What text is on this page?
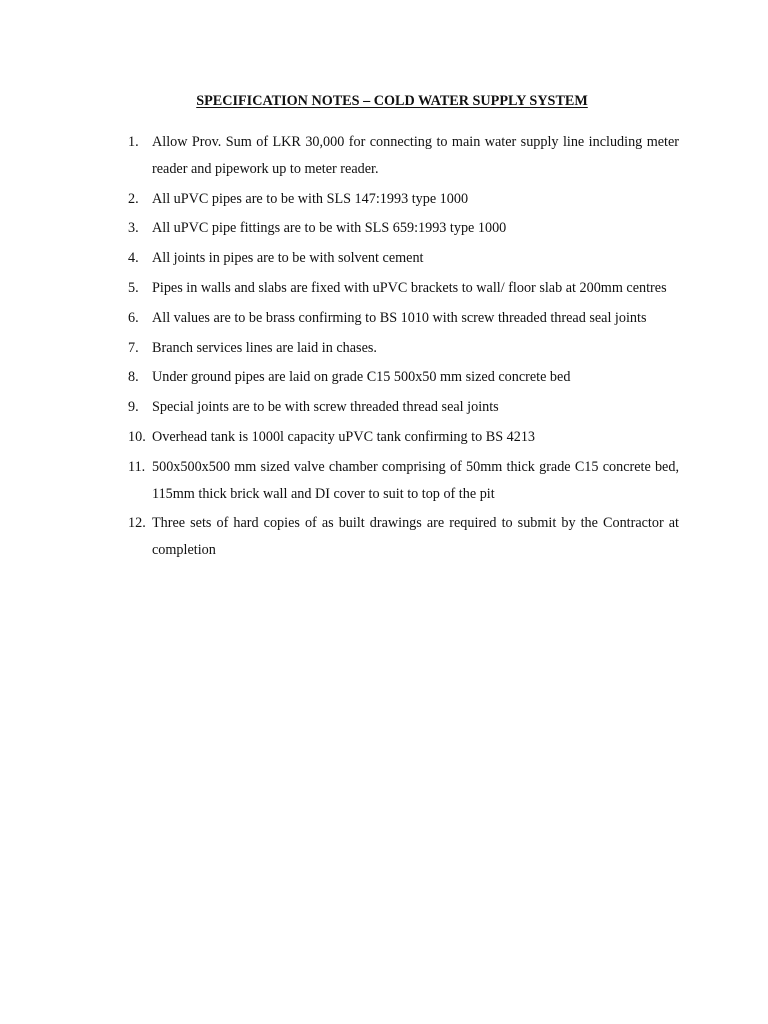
SPECIFICATION NOTES – COLD WATER SUPPLY SYSTEM
1. Allow Prov. Sum of LKR 30,000 for connecting to main water supply line including meter reader and pipework up to meter reader.
2. All uPVC pipes are to be with SLS 147:1993 type 1000
3. All uPVC pipe fittings are to be with SLS 659:1993 type 1000
4. All joints in pipes are to be with solvent cement
5. Pipes in walls and slabs are fixed with uPVC brackets to wall/ floor slab at 200mm centres
6. All values are to be brass confirming to BS 1010 with screw threaded thread seal joints
7. Branch services lines are laid in chases.
8. Under ground pipes are laid on grade C15 500x50 mm sized concrete bed
9. Special joints are to be with screw threaded thread seal joints
10. Overhead tank is 1000l capacity uPVC tank confirming to BS 4213
11. 500x500x500 mm sized valve chamber comprising of 50mm thick grade C15 concrete bed, 115mm thick brick wall and DI cover to suit to top of the pit
12. Three sets of hard copies of as built drawings are required to submit by the Contractor at completion
